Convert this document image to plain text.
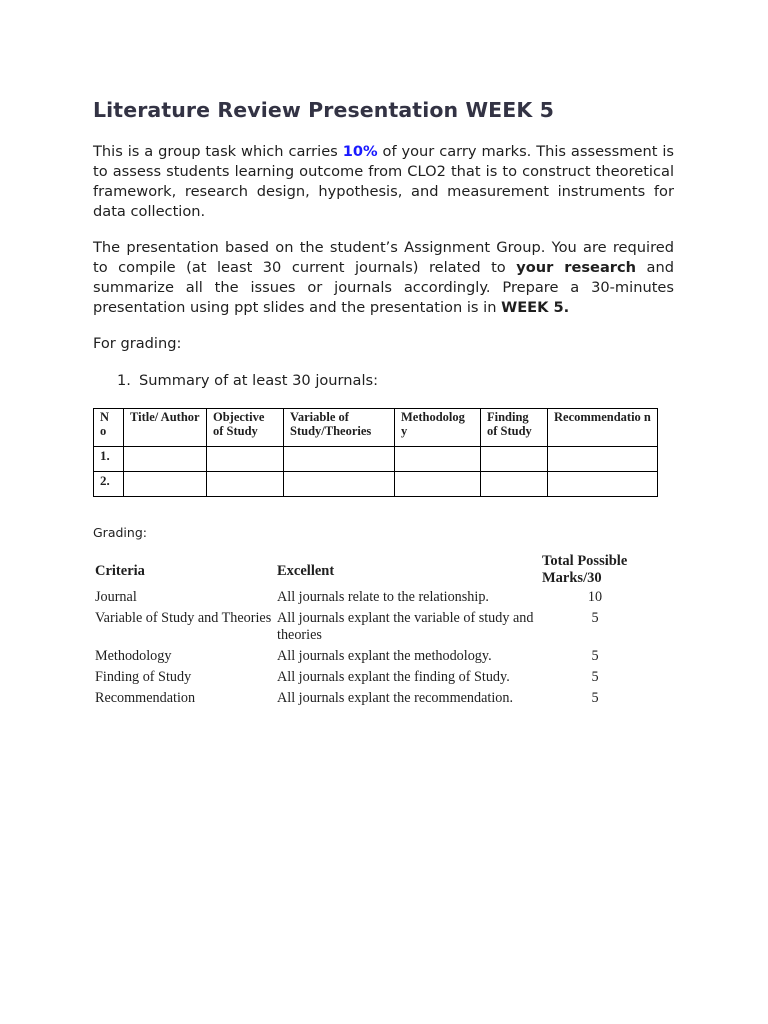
Literature Review Presentation WEEK 5

This is a group task which carries 10% of your carry marks. This assessment is to assess students learning outcome from CLO2 that is to construct theoretical framework, research design, hypothesis, and measurement instruments for data collection.

The presentation based on the student’s Assignment Group. You are required to compile (at least 30 current journals) related to your research and summarize all the issues or journals accordingly. Prepare a 30-minutes presentation using ppt slides and the presentation is in WEEK 5.

For grading:
1. Summary of at least 30 journals:
N o	Title/ Author	Objective of Study	Variable of Study/Theories	Methodolog y	Finding of Study	Recommendatio n
1.						
2.						
Grading:
Criteria	Excellent	Total Possible Marks/30
Journal	All journals relate to the relationship.	10
Variable of Study and Theories	All journals explant the variable of study and theories	5
Methodology	All journals explant the methodology.	5
Finding of Study	All journals explant the finding of Study.	5
Recommendation	All journals explant the recommendation.	5
